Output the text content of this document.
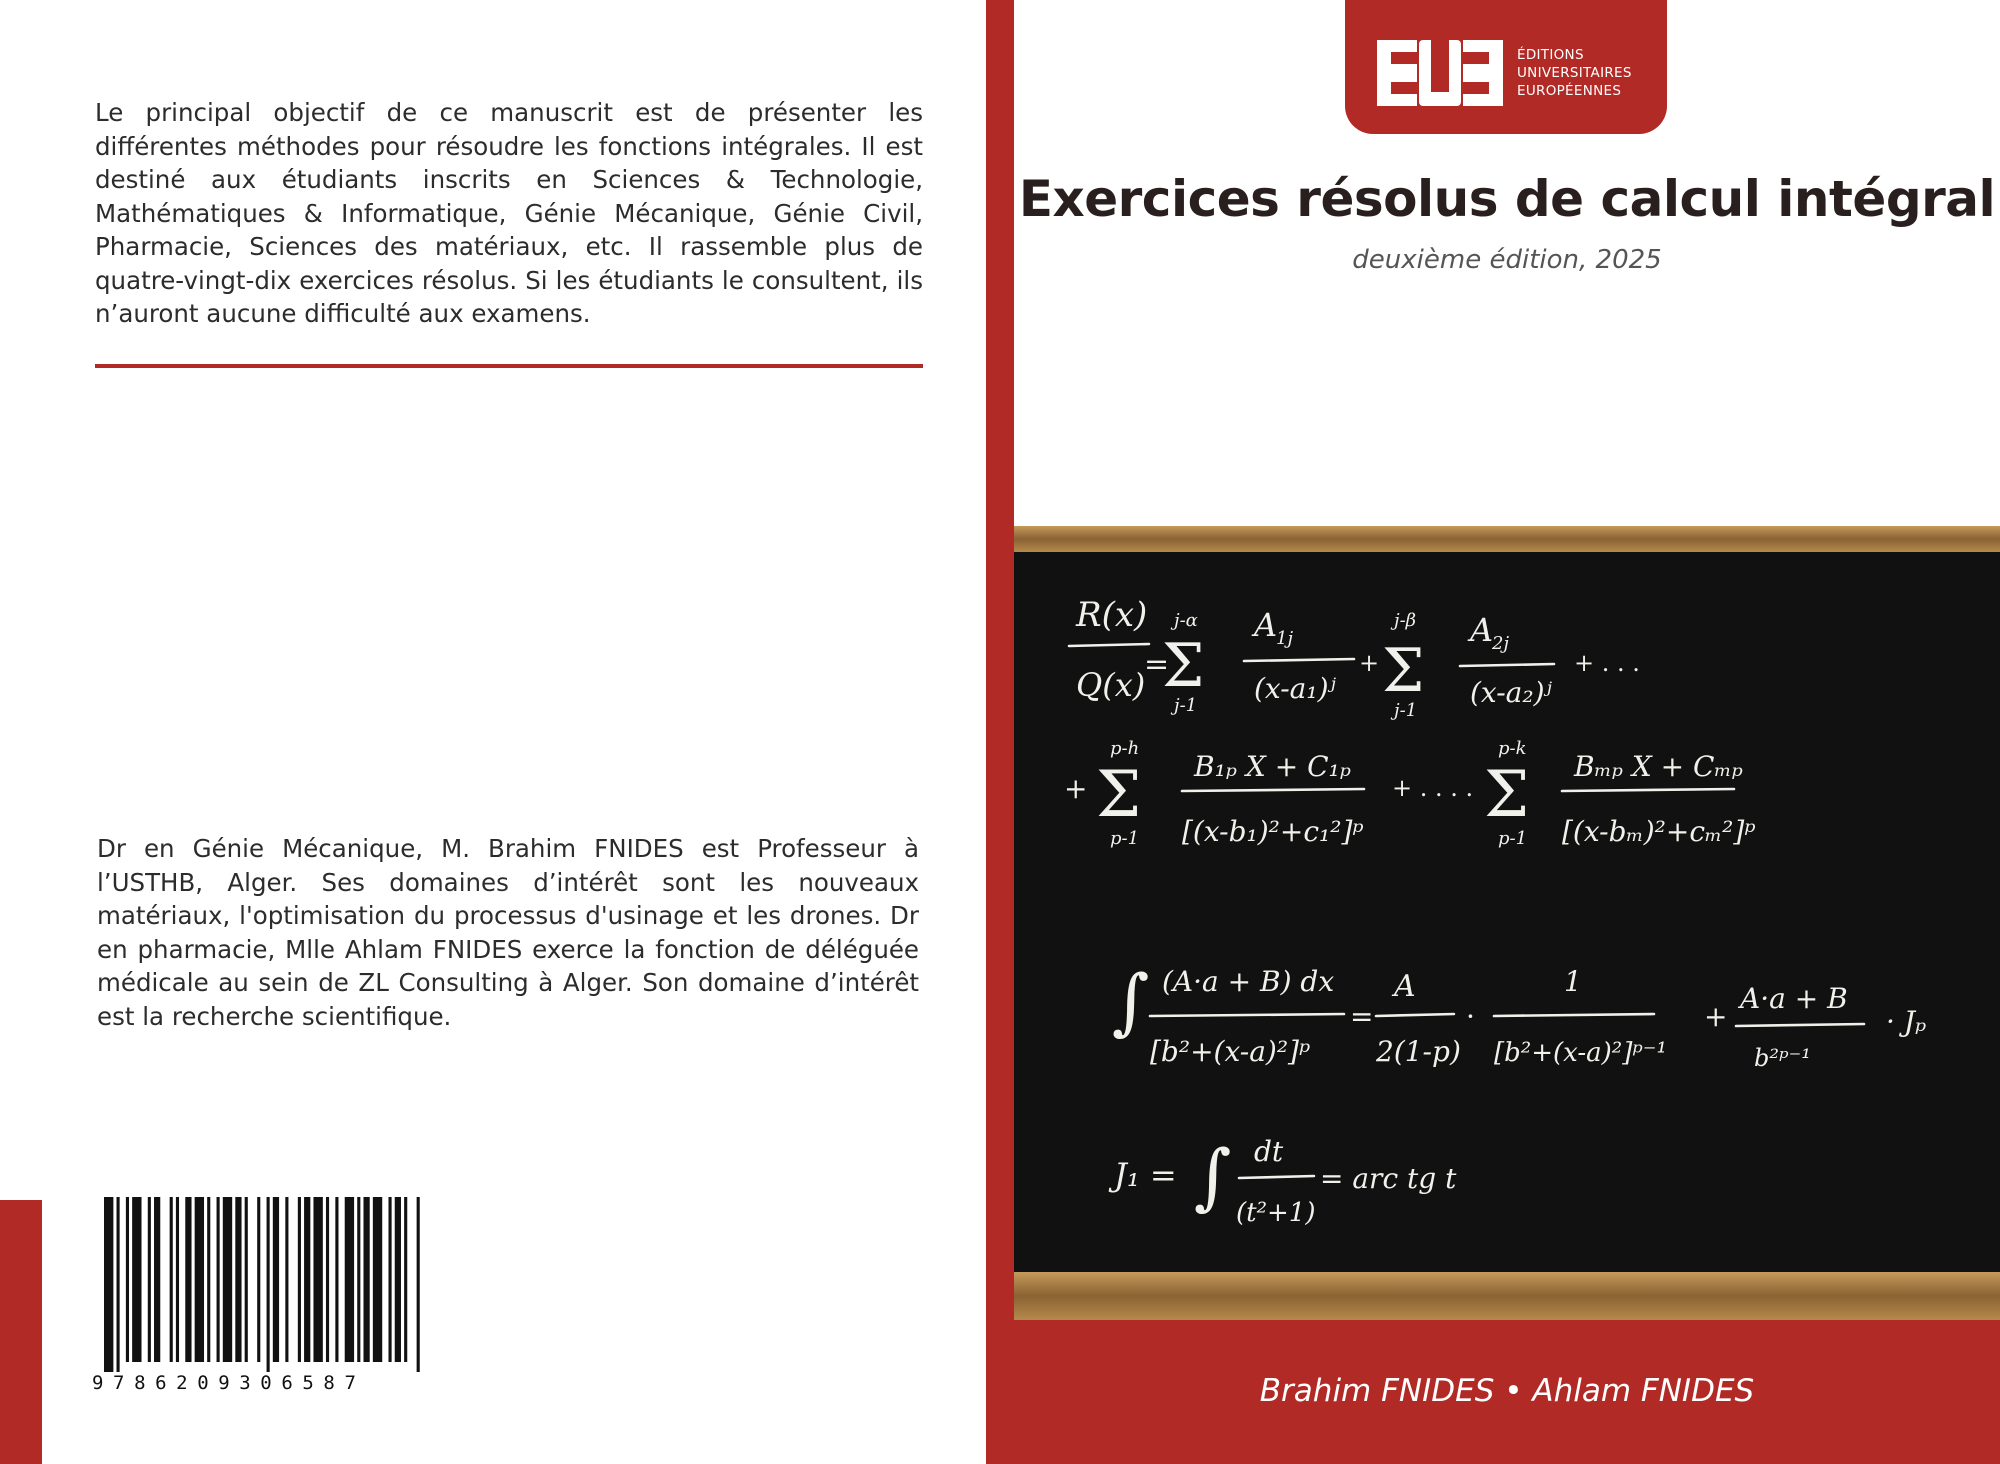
Le principal objectif de ce manuscrit est de présenter les différentes méthodes pour résoudre les fonctions intégrales. Il est destiné aux étudiants inscrits en Sciences & Technologie, Mathématiques & Informatique, Génie Mécanique, Génie Civil, Pharmacie, Sciences des matériaux, etc. Il rassemble plus de quatre-vingt-dix exercices résolus. Si les étudiants le consultent, ils n’auront aucune difficulté aux examens.
Dr en Génie Mécanique, M. Brahim FNIDES est Professeur à l’USTHB, Alger. Ses domaines d’intérêt sont les nouveaux matériaux, l'optimisation du processus d'usinage et les drones. Dr en pharmacie, Mlle Ahlam FNIDES exerce la fonction de déléguée médicale au sein de ZL Consulting à Alger. Son domaine d’intérêt est la recherche scientifique.
9786209306587
ÉDITIONS
UNIVERSITAIRES
EUROPÉENNES
Exercices résolus de calcul intégral
deuxième édition, 2025
R(x)
Q(x)
=
Σ
j-α
j-1
A
1j
(x-a₁)ʲ
+ Σ
j-β
j-1
A
2j
(x-a₂)ʲ
+ . . .
+ Σ
p-h
p-1
B₁ₚ X + C₁ₚ
[(x-b₁)²+c₁²]ᵖ
+ . . . . Σ
p-k
p-1
Bₘₚ X + Cₘₚ
[(x-bₘ)²+cₘ²]ᵖ
∫ (A·a + B) dx
[b²+(x-a)²]ᵖ
=
A
2(1-p)
·
1
[b²+(x-a)²]ᵖ⁻¹
+
A·a + B
b²ᵖ⁻¹
· Jₚ
J₁ = ∫ dt
(t²+1)
= arc tg t
Brahim FNIDES • Ahlam FNIDES
